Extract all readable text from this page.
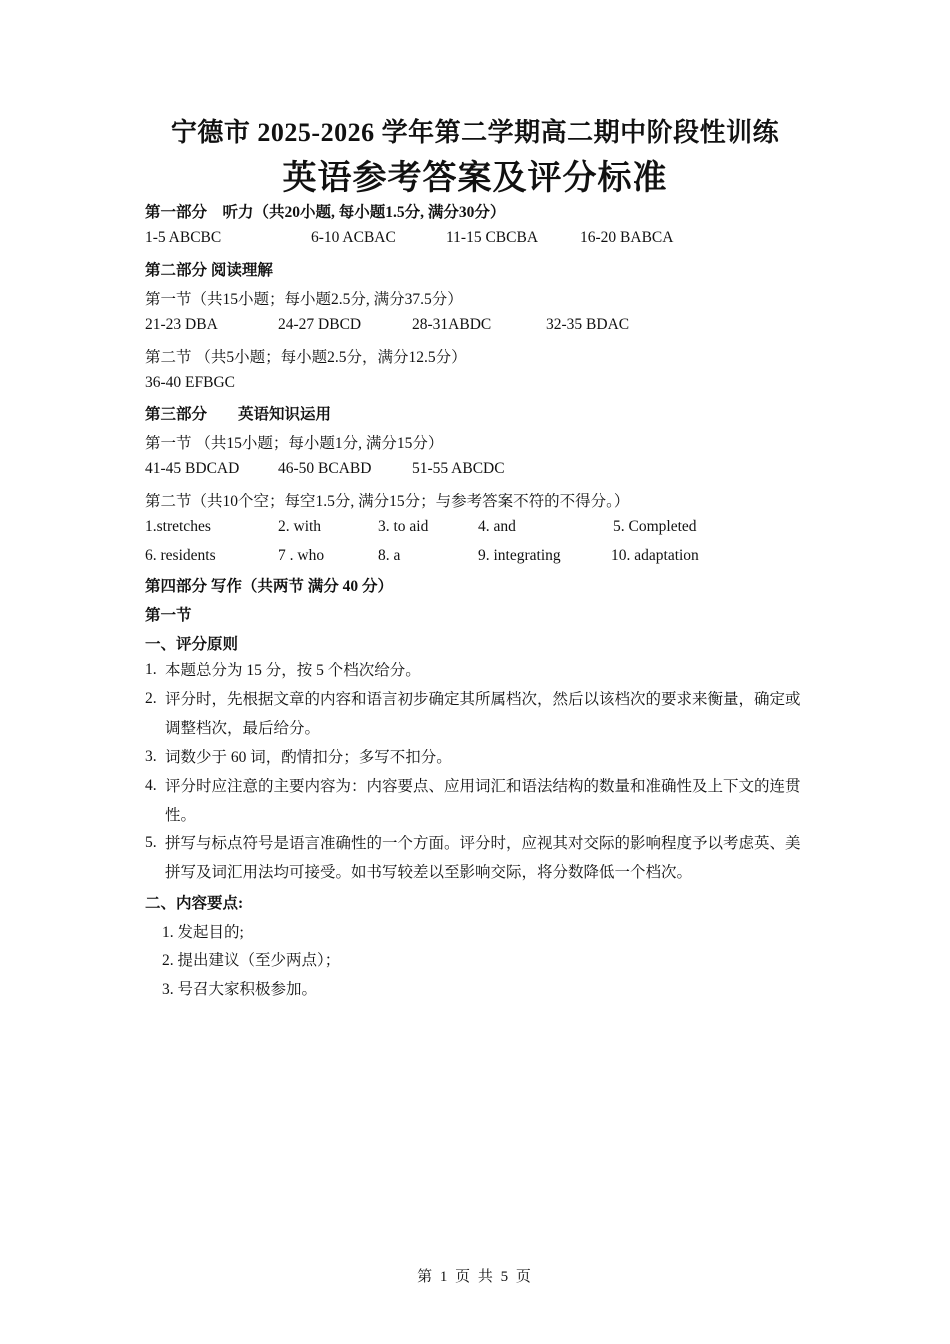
宁德市 2025-2026 学年第二学期高二期中阶段性训练
英语参考答案及评分标准
第一部分　听力（共20小题, 每小题1.5分, 满分30分）
1-5 ABCBC	6-10 ACBAC	11-15 CBCBA	16-20 BABCA
第二部分 阅读理解
第一节（共15小题；每小题2.5分, 满分37.5分）
21-23 DBA	24-27 DBCD	28-31ABDC	32-35 BDAC
第二节 （共5小题；每小题2.5分，满分12.5分）
36-40 EFBGC
第三部分　　英语知识运用
第一节 （共15小题；每小题1分, 满分15分）
41-45 BDCAD 46-50 BCABD	51-55 ABCDC
第二节（共10个空；每空1.5分, 满分15分；与参考答案不符的不得分。）
1.stretches	2. with	3. to aid	4. and	5. Completed
6. residents	7 . who	8. a	9. integrating	10. adaptation
第四部分 写作（共两节 满分 40 分）
第一节
一、评分原则
1. 本题总分为 15 分，按 5 个档次给分。
2. 评分时，先根据文章的内容和语言初步确定其所属档次，然后以该档次的要求来衡量，确定或调整档次，最后给分。
3. 词数少于 60 词，酌情扣分；多写不扣分。
4. 评分时应注意的主要内容为：内容要点、应用词汇和语法结构的数量和准确性及上下文的连贯性。
5. 拼写与标点符号是语言准确性的一个方面。评分时，应视其对交际的影响程度予以考虑英、美拼写及词汇用法均可接受。如书写较差以至影响交际，将分数降低一个档次。
二、内容要点:
1. 发起目的;
2. 提出建议（至少两点）；
3. 号召大家积极参加。
第 1 页 共 5 页
